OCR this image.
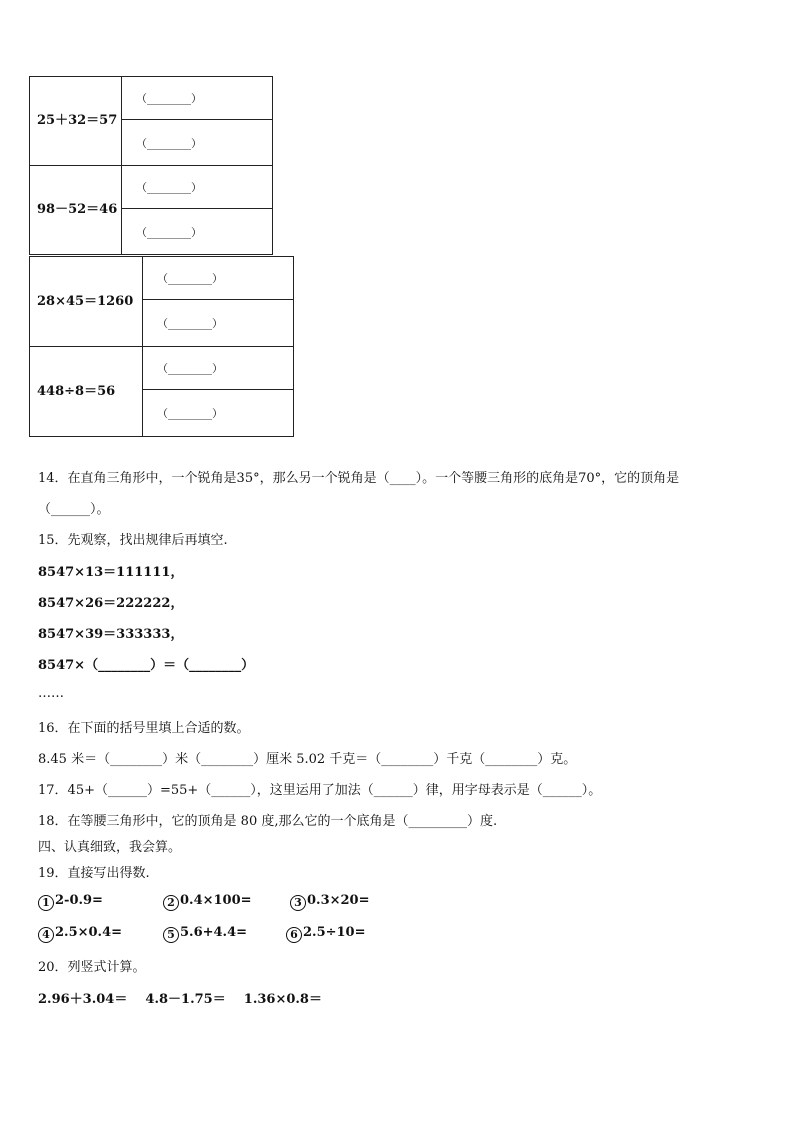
25＋32＝57	（________）
	（________）
98－52＝46	（________）
	（________）
28×45＝1260	（________）
	（________）
448÷8＝56	（________）
	（________）
14．在直角三角形中，一个锐角是35°，那么另一个锐角是（____）。一个等腰三角形的底角是70°，它的顶角是
（______）。
15．先观察，找出规律后再填空.
8547×13＝111111，
8547×26＝222222，
8547×39＝333333，
8547×（________）＝（________）
……
16．在下面的括号里填上合适的数。
8.45 米＝（________）米（________）厘米 5.02 千克＝（________）千克（________）克。
17．45+（______）=55+（______），这里运用了加法（______）律，用字母表示是（______）。
18．在等腰三角形中，它的顶角是 80 度,那么它的一个底角是（_________）度.
四、认真细致，我会算。
19．直接写出得数.
1 2-0.9=	2 0.4×100=	3 0.3×20=
4 2.5×0.4=	5 5.6+4.4=	6 2.5÷10=
20．列竖式计算。
2.96＋3.04＝    4.8－1.75＝    1.36×0.8＝
